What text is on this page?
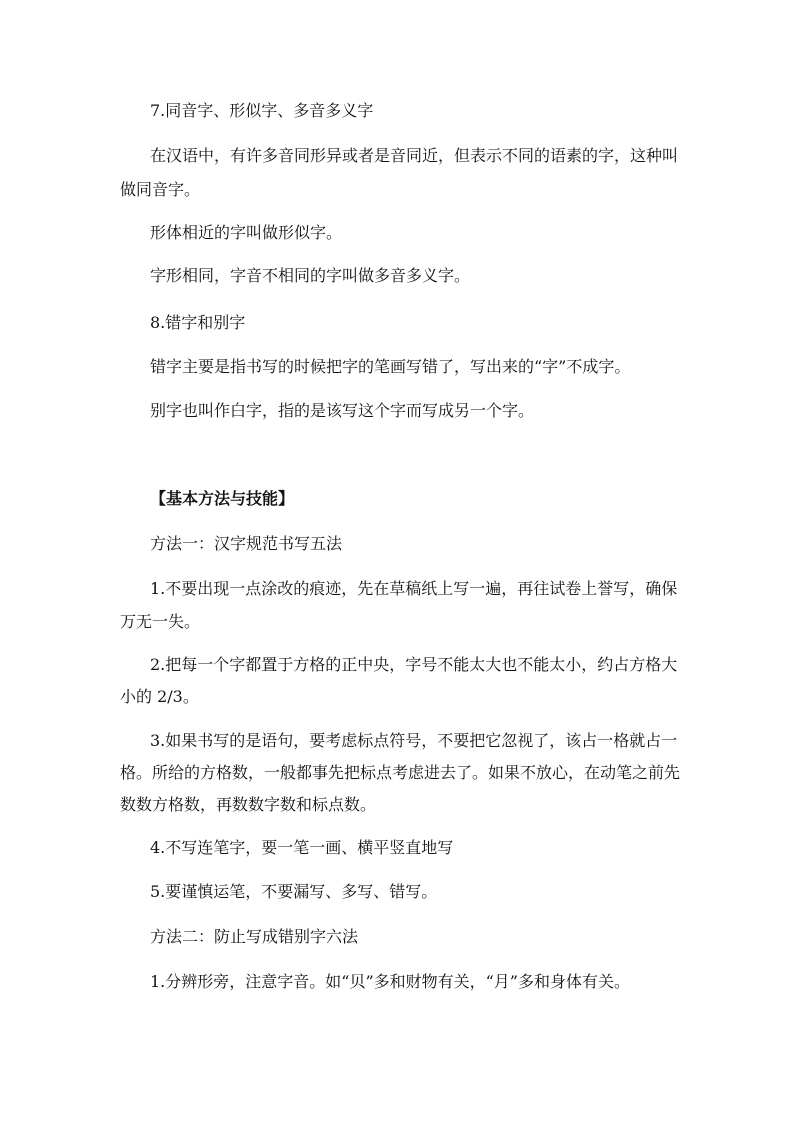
7.同音字、形似字、多音多义字
在汉语中，有许多音同形异或者是音同近，但表示不同的语素的字，这种叫
做同音字。
形体相近的字叫做形似字。
字形相同，字音不相同的字叫做多音多义字。
8.错字和别字
错字主要是指书写的时候把字的笔画写错了，写出来的“字”不成字。
别字也叫作白字，指的是该写这个字而写成另一个字。
【基本方法与技能】
方法一：汉字规范书写五法
1.不要出现一点涂改的痕迹，先在草稿纸上写一遍，再往试卷上誉写，确保
万无一失。
2.把每一个字都置于方格的正中央，字号不能太大也不能太小，约占方格大
小的 2/3。
3.如果书写的是语句，要考虑标点符号，不要把它忽视了，该占一格就占一
格。所给的方格数，一般都事先把标点考虑进去了。如果不放心，在动笔之前先
数数方格数，再数数字数和标点数。
4.不写连笔字，要一笔一画、横平竖直地写
5.要谨慎运笔，不要漏写、多写、错写。
方法二：防止写成错别字六法
1.分辨形旁，注意字音。如“贝”多和财物有关，“月”多和身体有关。
